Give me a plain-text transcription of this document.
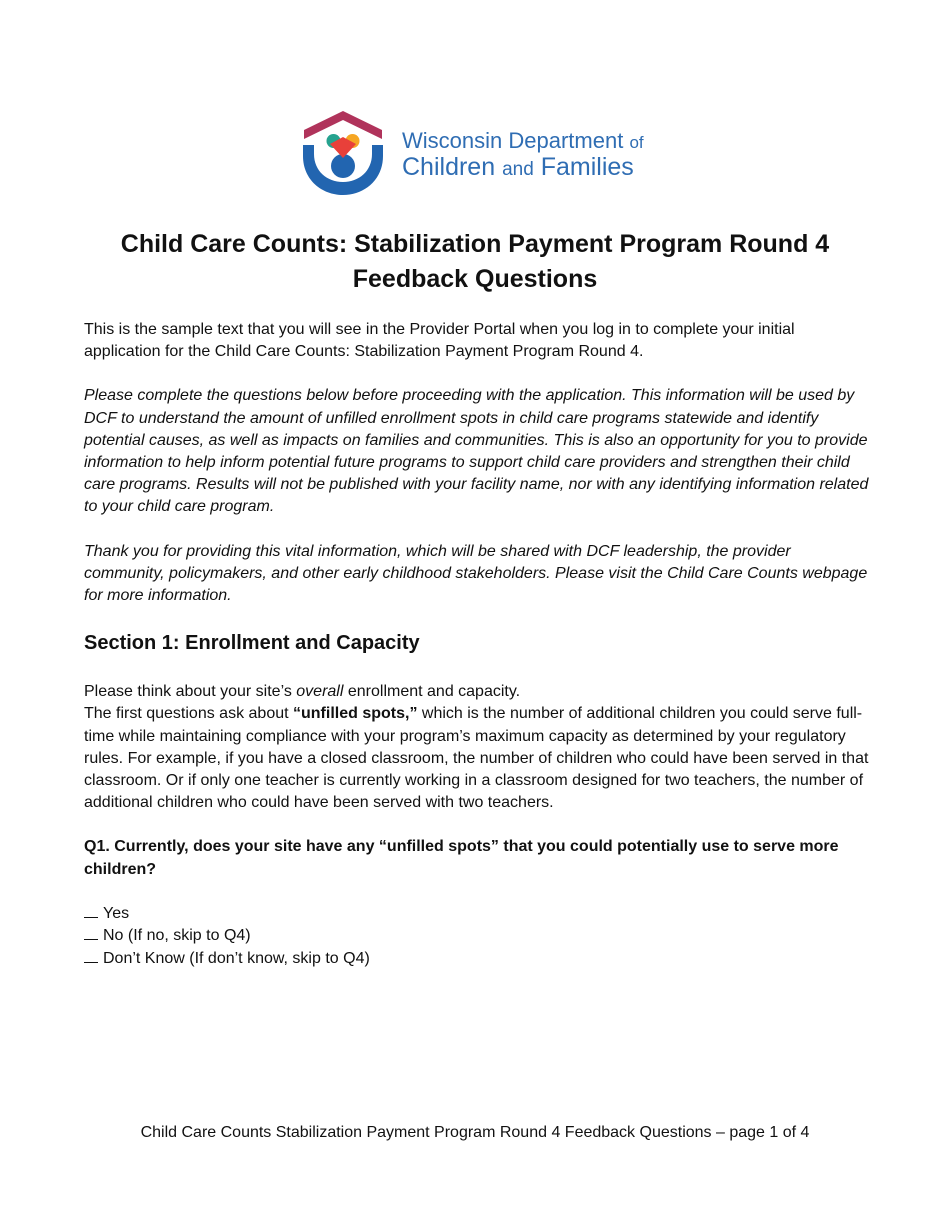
Wisconsin Department of
Children and Families
Child Care Counts: Stabilization Payment Program Round 4
Feedback Questions

This is the sample text that you will see in the Provider Portal when you log in to complete your initial application for the Child Care Counts: Stabilization Payment Program Round 4.

Please complete the questions below before proceeding with the application. This information will be used by DCF to understand the amount of unfilled enrollment spots in child care programs statewide and identify potential causes, as well as impacts on families and communities. This is also an opportunity for you to provide information to help inform potential future programs to support child care providers and strengthen their child care programs. Results will not be published with your facility name, nor with any identifying information related to your child care program.

Thank you for providing this vital information, which will be shared with DCF leadership, the provider community, policymakers, and other early childhood stakeholders. Please visit the Child Care Counts webpage for more information.

Section 1: Enrollment and Capacity

Please think about your site’s overall enrollment and capacity.

The first questions ask about “unfilled spots,” which is the number of additional children you could serve full-time while maintaining compliance with your program’s maximum capacity as determined by your regulatory rules. For example, if you have a closed classroom, the number of children who could have been served in that classroom. Or if only one teacher is currently working in a classroom designed for two teachers, the number of additional children who could have been served with two teachers.

Q1. Currently, does your site have any “unfilled spots” that you could potentially use to serve more children?

Yes
No (If no, skip to Q4)
Don’t Know (If don’t know, skip to Q4)
Child Care Counts Stabilization Payment Program Round 4 Feedback Questions – page 1 of 4
